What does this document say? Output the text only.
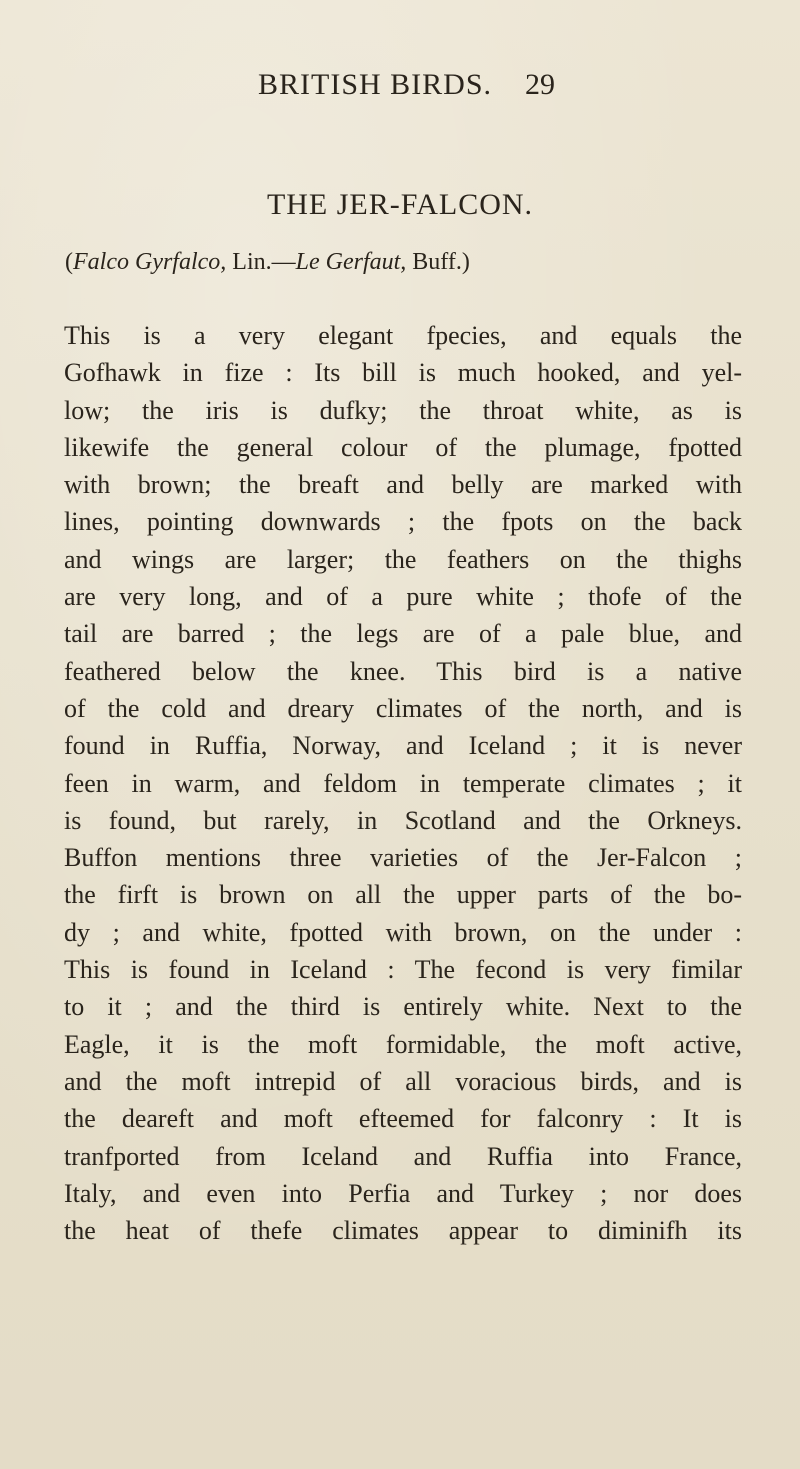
BRITISH BIRDS. 29
THE JER-FALCON.
(Falco Gyrfalco, Lin.—Le Gerfaut, Buff.)
This is a very elegant fpecies, and equals the
Gofhawk in fize : Its bill is much hooked, and yel-
low; the iris is dufky; the throat white, as is
likewife the general colour of the plumage, fpotted
with brown; the breaft and belly are marked with
lines, pointing downwards ; the fpots on the back
and wings are larger; the feathers on the thighs
are very long, and of a pure white ; thofe of the
tail are barred ; the legs are of a pale blue, and
feathered below the knee. This bird is a native
of the cold and dreary climates of the north, and is
found in Ruffia, Norway, and Iceland ; it is never
feen in warm, and feldom in temperate climates ; it
is found, but rarely, in Scotland and the Orkneys.
Buffon mentions three varieties of the Jer-Falcon ;
the firft is brown on all the upper parts of the bo-
dy ; and white, fpotted with brown, on the under :
This is found in Iceland : The fecond is very fimilar
to it ; and the third is entirely white. Next to the
Eagle, it is the moft formidable, the moft active,
and the moft intrepid of all voracious birds, and is
the deareft and moft efteemed for falconry : It is
tranfported from Iceland and Ruffia into France,
Italy, and even into Perfia and Turkey ; nor does
the heat of thefe climates appear to diminifh its
